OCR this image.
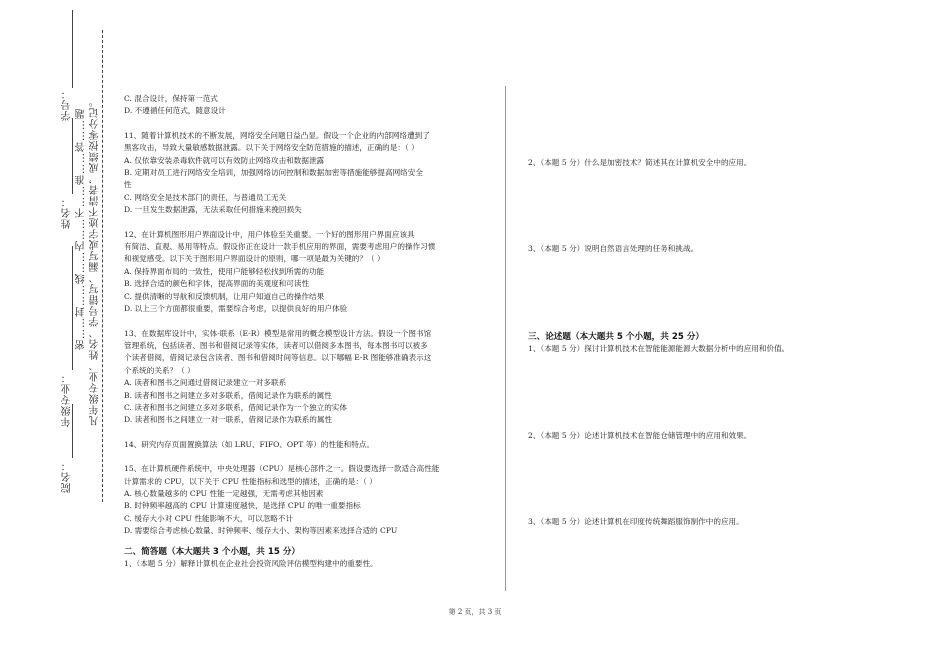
学号：
姓名： 密……封……线……内……不……准……答……题 凡年级专业、姓名、学号错写、漏写或字迹不清者，成绩按零分记。
年级专业：
院名：

C. 混合设计，保持第一范式

D. 不遵循任何范式，随意设计

11、随着计算机技术的不断发展，网络安全问题日益凸显。假设一个企业的内部网络遭到了

黑客攻击，导致大量敏感数据泄露。以下关于网络安全防范措施的描述，正确的是：（ ）

A. 仅依靠安装杀毒软件就可以有效防止网络攻击和数据泄露

B. 定期对员工进行网络安全培训，加强网络访问控制和数据加密等措施能够提高网络安全

性

C. 网络安全是技术部门的责任，与普通员工无关

D. 一旦发生数据泄露，无法采取任何措施来挽回损失

12、在计算机图形用户界面设计中，用户体验至关重要。一个好的图形用户界面应该具

有简洁、直观、易用等特点。假设你正在设计一款手机应用的界面，需要考虑用户的操作习惯

和视觉感受。以下关于图形用户界面设计的原则，哪一项是最为关键的？（ ）

A. 保持界面布局的一致性，使用户能够轻松找到所需的功能

B. 选择合适的颜色和字体，提高界面的美观度和可读性

C. 提供清晰的导航和反馈机制，让用户知道自己的操作结果

D. 以上三个方面都很重要，需要综合考虑，以提供良好的用户体验

13、在数据库设计中，实体-联系（E-R）模型是常用的概念模型设计方法。假设一个图书馆

管理系统，包括读者、图书和借阅记录等实体，读者可以借阅多本图书，每本图书可以被多

个读者借阅，借阅记录包含读者、图书和借阅时间等信息。以下哪幅 E-R 图能够准确表示这

个系统的关系？（ ）

A. 读者和图书之间通过借阅记录建立一对多联系

B. 读者和图书之间建立多对多联系，借阅记录作为联系的属性

C. 读者和图书之间建立多对多联系，借阅记录作为一个独立的实体

D. 读者和图书之间建立一对一联系，借阅记录作为联系的属性

14、研究内存页面置换算法（如 LRU、FIFO、OPT 等）的性能和特点。

15、在计算机硬件系统中，中央处理器（CPU）是核心部件之一。假设要选择一款适合高性能

计算需求的 CPU，以下关于 CPU 性能指标和选型的描述，正确的是：（ ）

A. 核心数量越多的 CPU 性能一定越强，无需考虑其他因素

B. 时钟频率越高的 CPU 计算速度越快，是选择 CPU 的唯一重要指标

C. 缓存大小对 CPU 性能影响不大，可以忽略不计

D. 需要综合考虑核心数量、时钟频率、缓存大小、架构等因素来选择合适的 CPU

二、简答题（本大题共 3 个小题，共 15 分）

1、（本题 5 分）解释计算机在企业社会投资风险评估模型构建中的重要性。

2、（本题 5 分）什么是加密技术？简述其在计算机安全中的应用。

3、（本题 5 分）说明自然语言处理的任务和挑战。

三、论述题（本大题共 5 个小题，共 25 分）

1、（本题 5 分）探讨计算机技术在智能能源能源大数据分析中的应用和价值。

2、（本题 5 分）论述计算机技术在智能仓储管理中的应用和效果。

3、（本题 5 分）论述计算机在印度传统舞蹈服饰制作中的应用。

第 2 页，共 3 页
